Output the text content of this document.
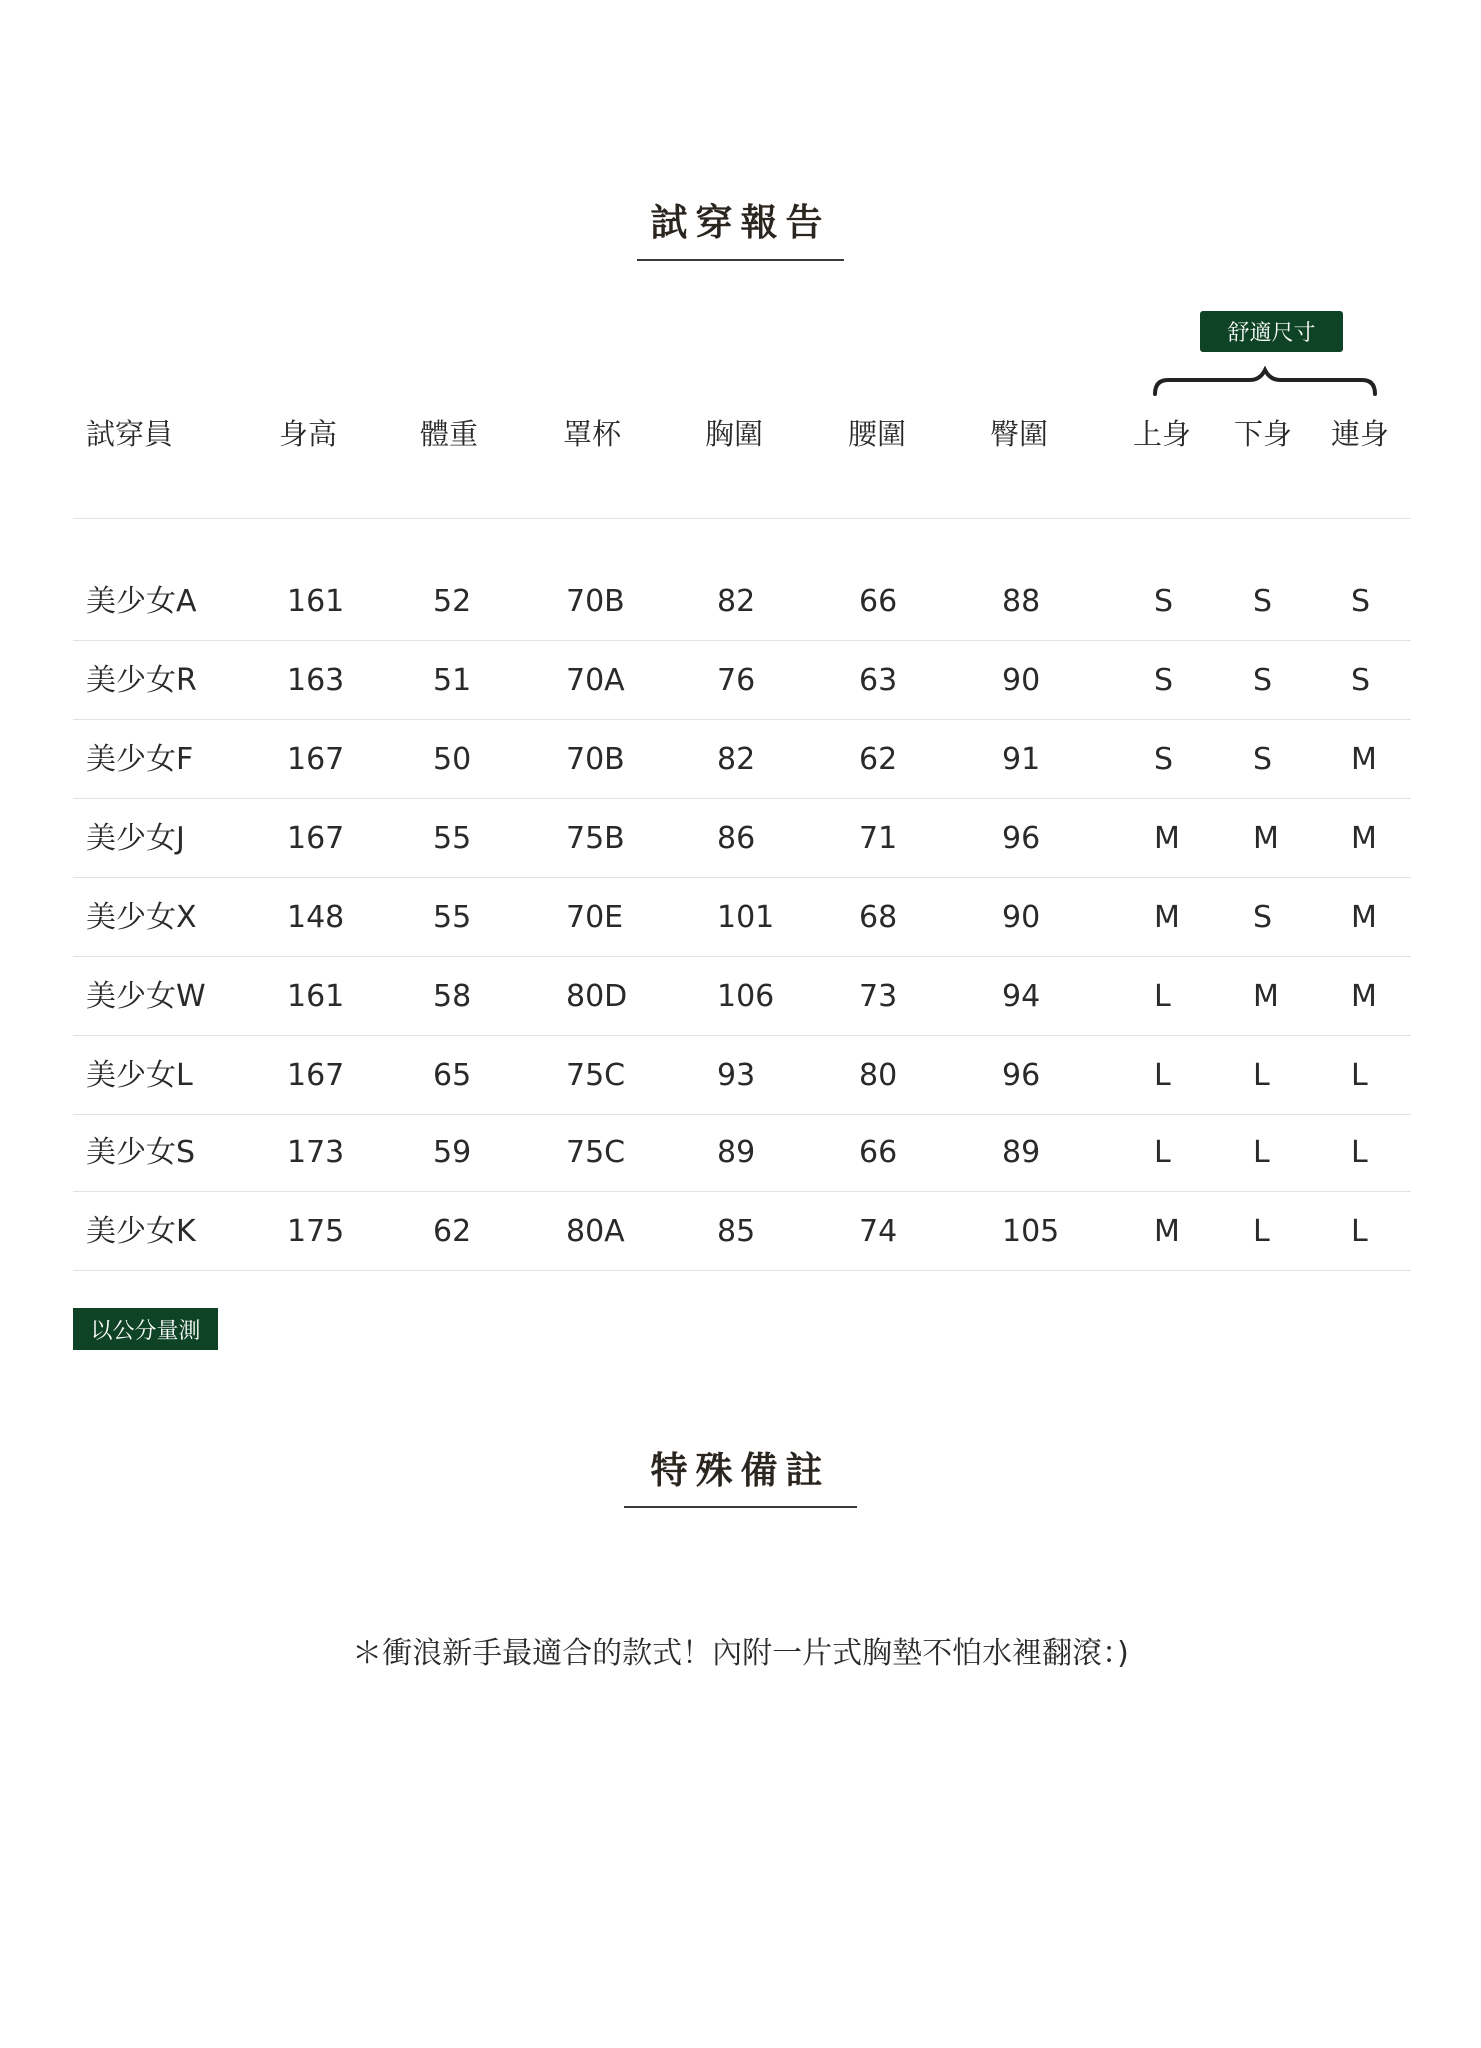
試穿報告
舒適尺寸
試穿員	身高	體重	罩杯	胸圍	腰圍	臀圍	上身 下身 連身
美少女A	161	52	70B	82	66	88	S	S	S
美少女R	163	51	70A	76	63	90	S	S	S
美少女F	167	50	70B	82	62	91	S	S	M
美少女J	167	55	75B	86	71	96	M M M
美少女X	148	55	70E	101	68	90	M S	M
美少女W	161	58	80D	106	73	94	L	M M
美少女L	167	65	75C	93	80	96	L	L	L
美少女S	173	59	75C	89	66	89	L	L	L
美少女K	175	62	80A	85	74	105	M L	L
以公分量測
特殊備註
＊衝浪新手最適合的款式！內附一片式胸墊不怕水裡翻滾：)
